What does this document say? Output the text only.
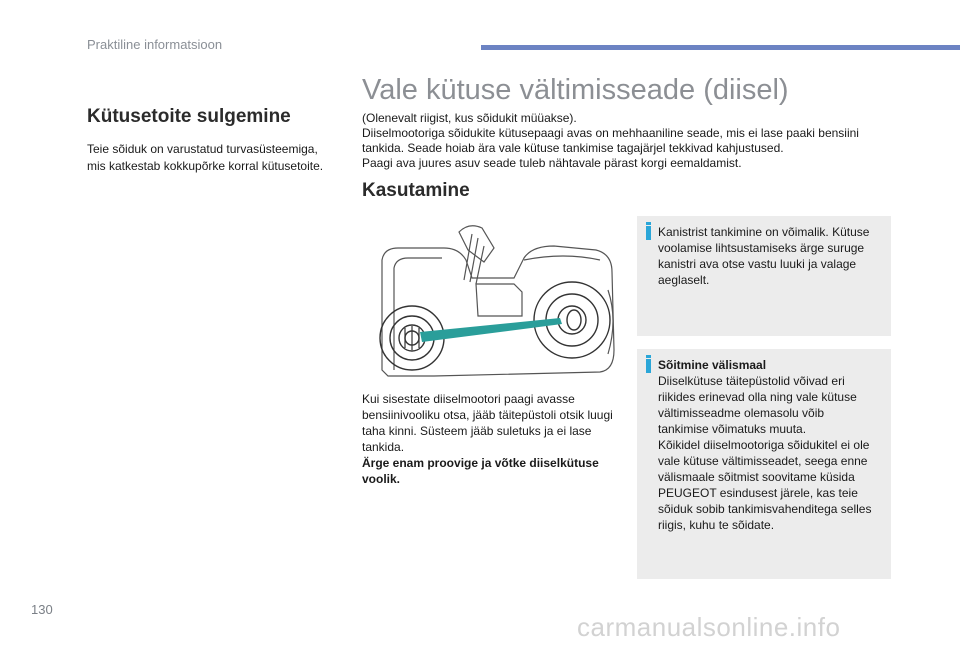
Praktiline informatsioon
Kütusetoite sulgemine

Teie sõiduk on varustatud turvasüsteemiga, mis katkestab kokkupõrke korral kütusetoite.

Vale kütuse vältimisseade (diisel)
(Olenevalt riigist, kus sõidukit müüakse).
Diiselmootoriga sõidukite kütusepaagi avas on mehhaaniline seade, mis ei lase paaki bensiini tankida. Seade hoiab ära vale kütuse tankimise tagajärjel tekkivad kahjustused.
Paagi ava juures asuv seade tuleb nähtavale pärast korgi eemaldamist.
Kasutamine
Kui sisestate diiselmootori paagi avasse bensiinivooliku otsa, jääb täitepüstoli otsik luugi taha kinni. Süsteem jääb suletuks ja ei lase tankida.
Ärge enam proovige ja võtke diiselkütuse voolik.
Kanistrist tankimine on võimalik. Kütuse voolamise lihtsustamiseks ärge suruge kanistri ava otse vastu luuki ja valage aeglaselt.
Sõitmine välismaal
Diiselkütuse täitepüstolid võivad eri riikides erinevad olla ning vale kütuse vältimisseadme olemasolu võib tankimise võimatuks muuta.
Kõikidel diiselmootoriga sõidukitel ei ole vale kütuse vältimisseadet, seega enne välismaale sõitmist soovitame küsida PEUGEOT esindusest järele, kas teie sõiduk sobib tankimisvahenditega selles riigis, kuhu te sõidate.
130
carmanualsonline.info
